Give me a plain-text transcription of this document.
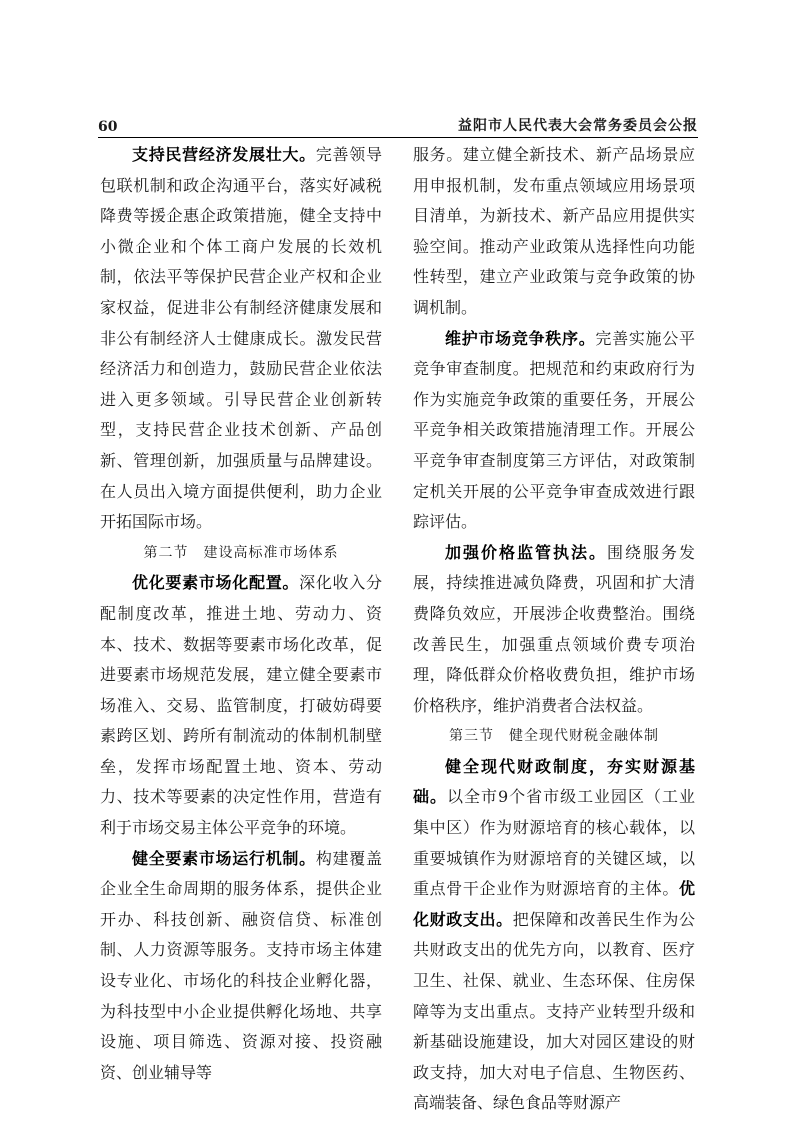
60	益阳市人民代表大会常务委员会公报

支持民营经济发展壮大。完善领导包联机制和政企沟通平台，落实好减税降费等援企惠企政策措施，健全支持中小微企业和个体工商户发展的长效机制，依法平等保护民营企业产权和企业家权益，促进非公有制经济健康发展和非公有制经济人士健康成长。激发民营经济活力和创造力，鼓励民营企业依法进入更多领域。引导民营企业创新转型，支持民营企业技术创新、产品创新、管理创新，加强质量与品牌建设。在人员出入境方面提供便利，助力企业开拓国际市场。

第二节　建设高标准市场体系

优化要素市场化配置。深化收入分配制度改革，推进土地、劳动力、资本、技术、数据等要素市场化改革，促进要素市场规范发展，建立健全要素市场准入、交易、监管制度，打破妨碍要素跨区划、跨所有制流动的体制机制壁垒，发挥市场配置土地、资本、劳动力、技术等要素的决定性作用，营造有利于市场交易主体公平竞争的环境。

健全要素市场运行机制。构建覆盖企业全生命周期的服务体系，提供企业开办、科技创新、融资信贷、标准创制、人力资源等服务。支持市场主体建设专业化、市场化的科技企业孵化器，为科技型中小企业提供孵化场地、共享设施、项目筛选、资源对接、投资融资、创业辅导等

服务。建立健全新技术、新产品场景应用申报机制，发布重点领域应用场景项目清单，为新技术、新产品应用提供实验空间。推动产业政策从选择性向功能性转型，建立产业政策与竞争政策的协调机制。

维护市场竞争秩序。完善实施公平竞争审查制度。把规范和约束政府行为作为实施竞争政策的重要任务，开展公平竞争相关政策措施清理工作。开展公平竞争审查制度第三方评估，对政策制定机关开展的公平竞争审查成效进行跟踪评估。

加强价格监管执法。围绕服务发展，持续推进减负降费，巩固和扩大清费降负效应，开展涉企收费整治。围绕改善民生，加强重点领域价费专项治理，降低群众价格收费负担，维护市场价格秩序，维护消费者合法权益。

第三节　健全现代财税金融体制

健全现代财政制度，夯实财源基础。以全市9个省市级工业园区（工业集中区）作为财源培育的核心载体，以重要城镇作为财源培育的关键区域，以重点骨干企业作为财源培育的主体。优化财政支出。把保障和改善民生作为公共财政支出的优先方向，以教育、医疗卫生、社保、就业、生态环保、住房保障等为支出重点。支持产业转型升级和新基础设施建设，加大对园区建设的财政支持，加大对电子信息、生物医药、高端装备、绿色食品等财源产
